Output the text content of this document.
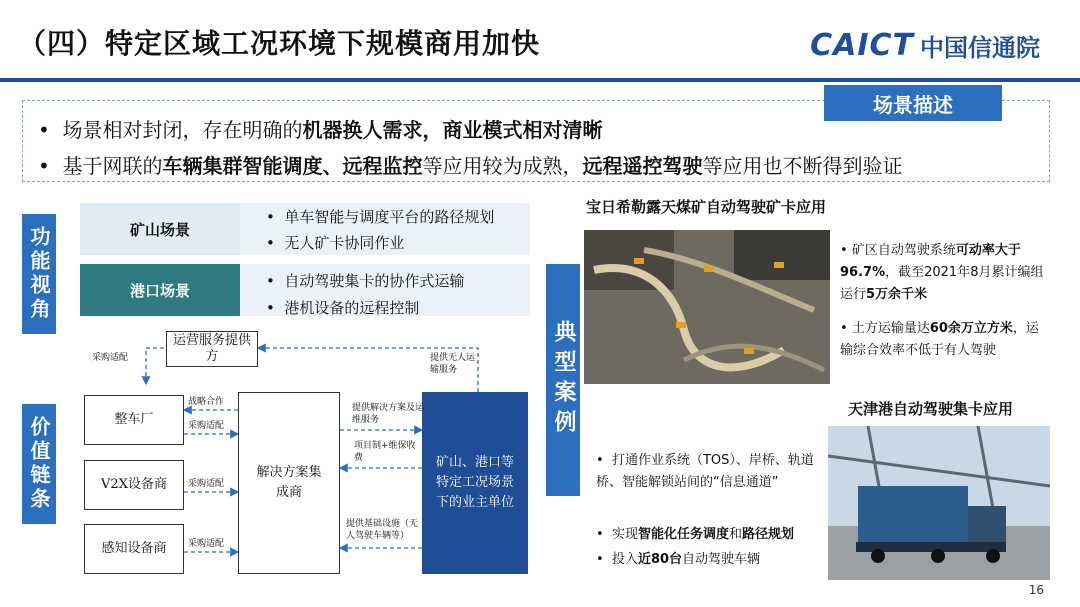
（四）特定区域工况环境下规模商用加快	CAICT 中国信通院
场景描述
•  场景相对封闭，存在明确的机器换人需求，商业模式相对清晰
•  基于网联的车辆集群智能调度、远程监控等应用较为成熟，远程遥控驾驶等应用也不断得到验证
功能视角	矿山场景
•  单车智能与调度平台的路径规划
•  无人矿卡协同作业
港口场景
•  自动驾驶集卡的协作式运输
•  港机设备的远程控制
价值链条
运营服务提供方
整车厂
V2X设备商
感知设备商
解决方案集成商
矿山、港口等特定工况场景下的业主单位
采购适配
战略合作
采购适配
采购适配
采购适配
提供无人运输服务
提供解决方案及运维服务
项目制+维保收费
提供基础设施（无人驾驶车辆等）
典型案例
宝日希勒露天煤矿自动驾驶矿卡应用
• 矿区自动驾驶系统可动率大于96.7%，截至2021年8月累计编组运行5万余千米
• 土方运输量达60余万立方米，运输综合效率不低于有人驾驶
天津港自动驾驶集卡应用
•  打通作业系统（TOS）、岸桥、轨道桥、智能解锁站间的“信息通道”
•  实现智能化任务调度和路径规划
•  投入近80台自动驾驶车辆
16
